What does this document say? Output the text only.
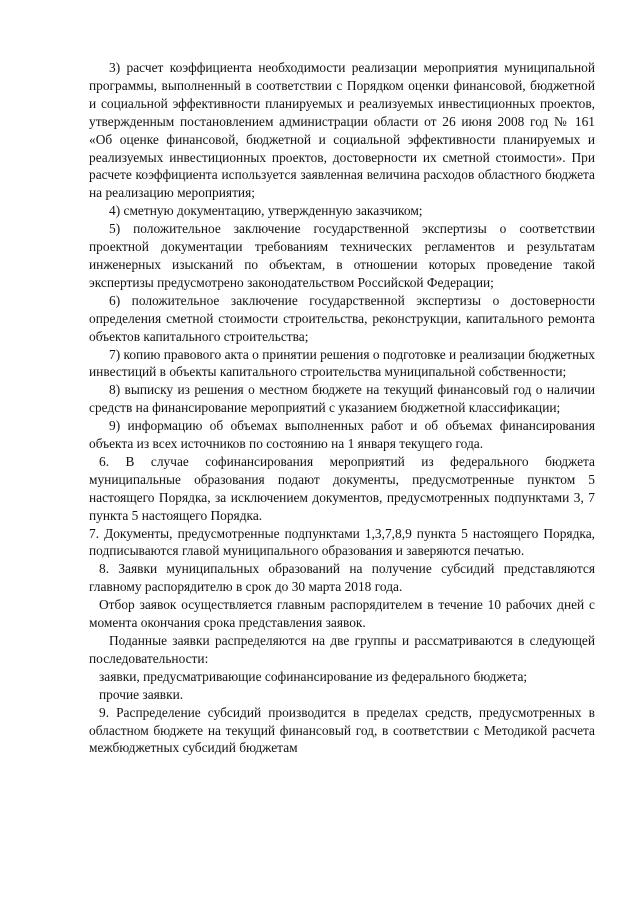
3) расчет коэффициента необходимости реализации мероприятия муниципальной программы, выполненный в соответствии с Порядком оценки финансовой, бюджетной и социальной эффективности планируемых и реализуемых инвестиционных проектов, утвержденным постановлением администрации области от 26 июня 2008 год № 161 «Об оценке финансовой, бюджетной и социальной эффективности планируемых и реализуемых инвестиционных проектов, достоверности их сметной стоимости». При расчете коэффициента используется заявленная величина расходов областного бюджета на реализацию мероприятия;

4) сметную документацию, утвержденную заказчиком;

5) положительное заключение государственной экспертизы о соответствии проектной документации требованиям технических регламентов и результатам инженерных изысканий по объектам, в отношении которых проведение такой экспертизы предусмотрено законодательством Российской Федерации;

6) положительное заключение государственной экспертизы о достоверности определения сметной стоимости строительства, реконструкции, капитального ремонта объектов капитального строительства;

7) копию правового акта о принятии решения о подготовке и реализации бюджетных инвестиций в объекты капитального строительства муниципальной собственности;

8) выписку из решения о местном бюджете на текущий финансовый год о наличии средств на финансирование мероприятий с указанием бюджетной классификации;

9) информацию об объемах выполненных работ и об объемах финансирования объекта из всех источников по состоянию на 1 января текущего года.

6. В случае софинансирования мероприятий из федерального бюджета муниципальные образования подают документы, предусмотренные пунктом 5 настоящего Порядка, за исключением документов, предусмотренных подпунктами 3, 7 пункта 5 настоящего Порядка.

7. Документы, предусмотренные подпунктами 1,3,7,8,9 пункта 5 настоящего Порядка, подписываются главой муниципального образования и заверяются печатью.

8. Заявки муниципальных образований на получение субсидий представляются главному распорядителю в срок до 30 марта 2018 года.

Отбор заявок осуществляется главным распорядителем в течение 10 рабочих дней с момента окончания срока представления заявок.

Поданные заявки распределяются на две группы и рассматриваются в следующей последовательности:

заявки, предусматривающие софинансирование из федерального бюджета;

прочие заявки.

9. Распределение субсидий производится в пределах средств, предусмотренных в областном бюджете на текущий финансовый год, в соответствии с Методикой расчета межбюджетных субсидий бюджетам
